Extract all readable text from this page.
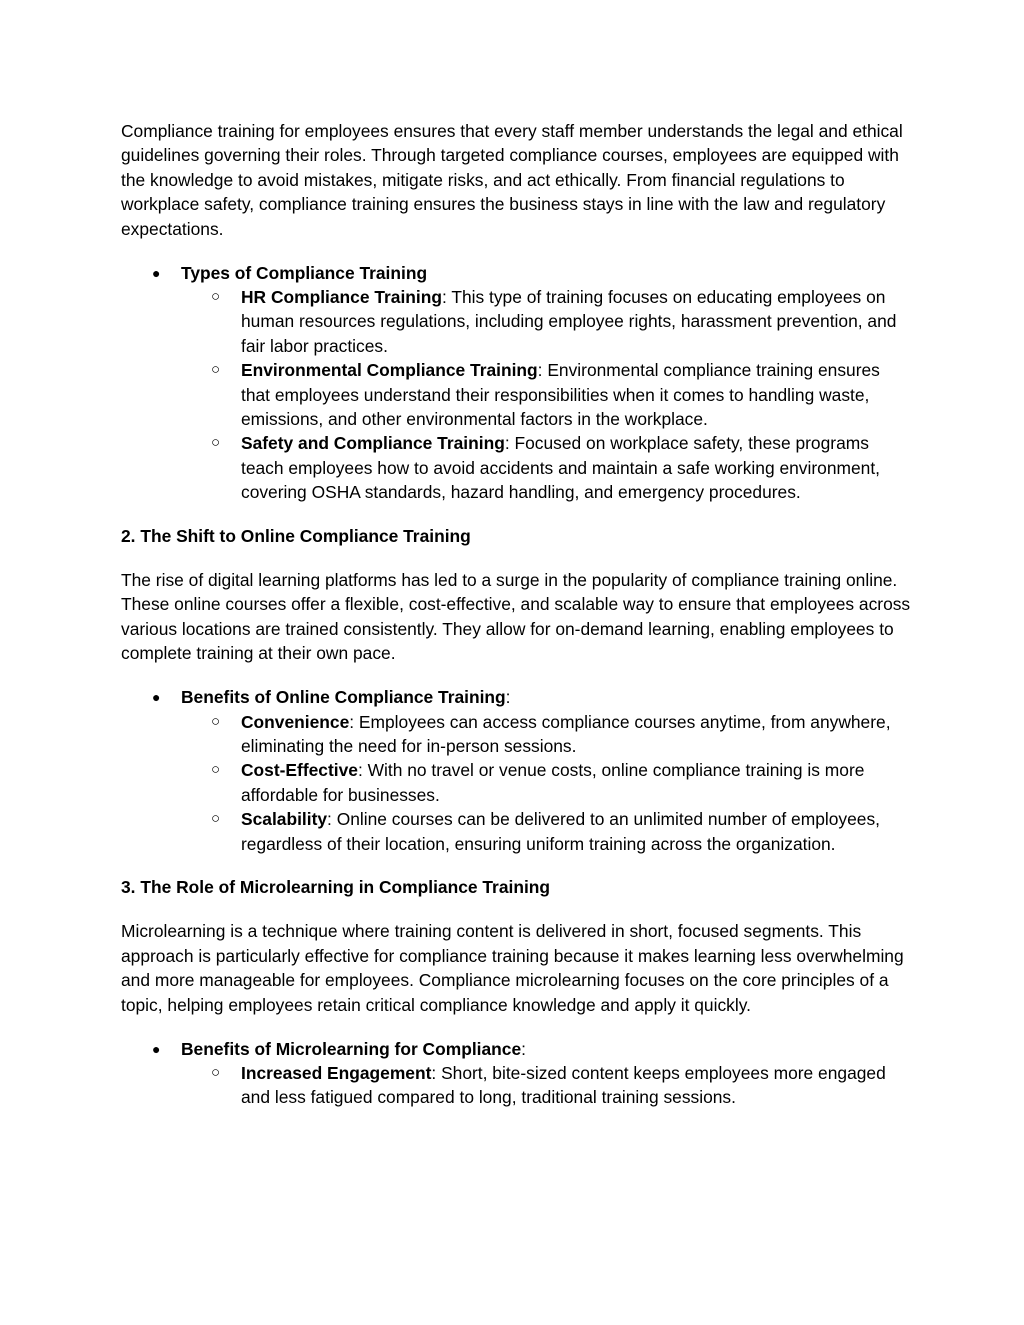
Compliance training for employees ensures that every staff member understands the legal and ethical guidelines governing their roles. Through targeted compliance courses, employees are equipped with the knowledge to avoid mistakes, mitigate risks, and act ethically. From financial regulations to workplace safety, compliance training ensures the business stays in line with the law and regulatory expectations.

● Types of Compliance Training
○ HR Compliance Training: This type of training focuses on educating employees on human resources regulations, including employee rights, harassment prevention, and fair labor practices.
○ Environmental Compliance Training: Environmental compliance training ensures that employees understand their responsibilities when it comes to handling waste, emissions, and other environmental factors in the workplace.
○ Safety and Compliance Training: Focused on workplace safety, these programs teach employees how to avoid accidents and maintain a safe working environment, covering OSHA standards, hazard handling, and emergency procedures.

2. The Shift to Online Compliance Training

The rise of digital learning platforms has led to a surge in the popularity of compliance training online. These online courses offer a flexible, cost-effective, and scalable way to ensure that employees across various locations are trained consistently. They allow for on-demand learning, enabling employees to complete training at their own pace.

● Benefits of Online Compliance Training:
○ Convenience: Employees can access compliance courses anytime, from anywhere, eliminating the need for in-person sessions.
○ Cost-Effective: With no travel or venue costs, online compliance training is more affordable for businesses.
○ Scalability: Online courses can be delivered to an unlimited number of employees, regardless of their location, ensuring uniform training across the organization.

3. The Role of Microlearning in Compliance Training

Microlearning is a technique where training content is delivered in short, focused segments. This approach is particularly effective for compliance training because it makes learning less overwhelming and more manageable for employees. Compliance microlearning focuses on the core principles of a topic, helping employees retain critical compliance knowledge and apply it quickly.

● Benefits of Microlearning for Compliance:
○ Increased Engagement: Short, bite-sized content keeps employees more engaged and less fatigued compared to long, traditional training sessions.
